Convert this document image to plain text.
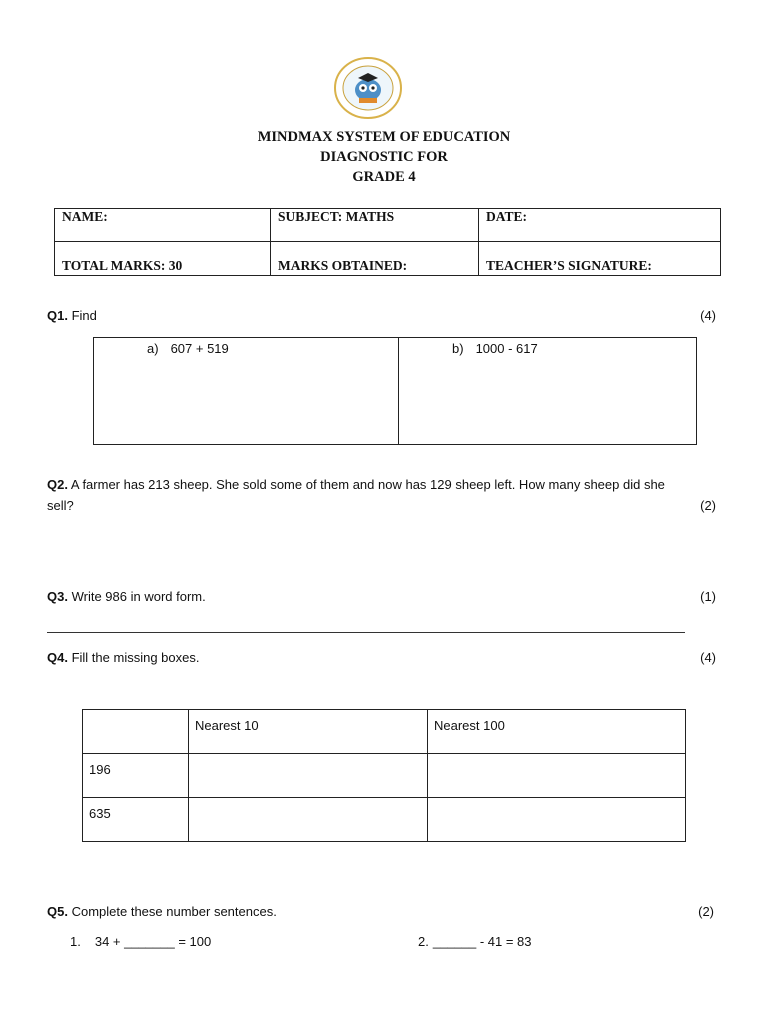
MINDMAX SYSTEM OF EDUCATION
DIAGNOSTIC FOR
GRADE 4
NAME:	SUBJECT: MATHS	DATE:
TOTAL MARKS: 30	MARKS OBTAINED:	TEACHER’S SIGNATURE:
Q1. Find	(4)
a) 607 + 519	b) 1000 - 617
Q2. A farmer has 213 sheep. She sold some of them and now has 129 sheep left. How many sheep did she
sell?	(2)
Q3. Write 986 in word form.	(1)
Q4. Fill the missing boxes.	(4)
	Nearest 10	Nearest 100
196		
635		
Q5. Complete these number sentences.	(2)
1. 34 + _______ = 100	2. ______ - 41 = 83
